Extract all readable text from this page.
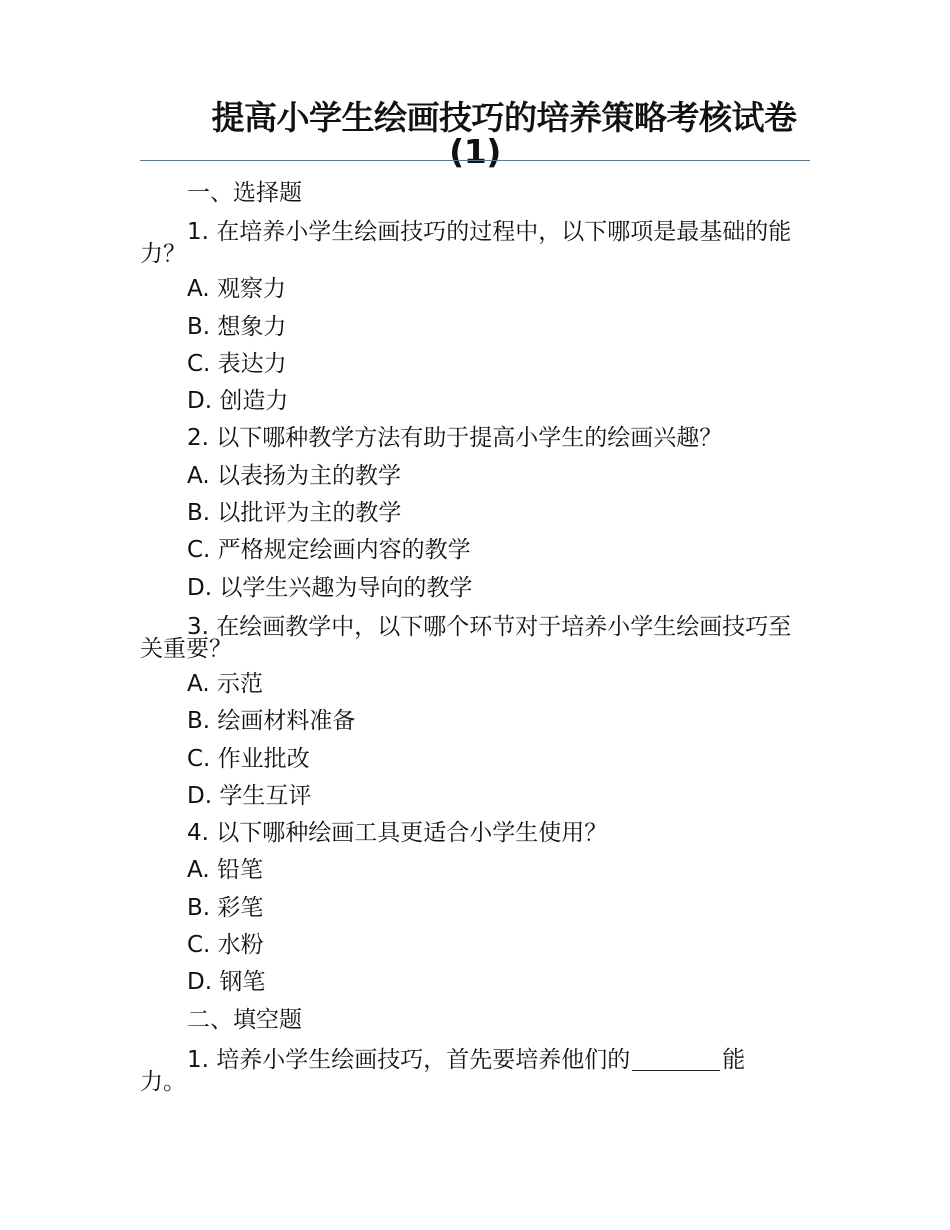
提高小学生绘画技巧的培养策略考核试卷
(1)
一、选择题
1. 在培养小学生绘画技巧的过程中，以下哪项是最基础的能力？
A. 观察力
B. 想象力
C. 表达力
D. 创造力
2. 以下哪种教学方法有助于提高小学生的绘画兴趣？
A. 以表扬为主的教学
B. 以批评为主的教学
C. 严格规定绘画内容的教学
D. 以学生兴趣为导向的教学
3. 在绘画教学中，以下哪个环节对于培养小学生绘画技巧至关重要？
A. 示范
B. 绘画材料准备
C. 作业批改
D. 学生互评
4. 以下哪种绘画工具更适合小学生使用？
A. 铅笔
B. 彩笔
C. 水粉
D. 钢笔
二、填空题
1. 培养小学生绘画技巧，首先要培养他们的	能力。
